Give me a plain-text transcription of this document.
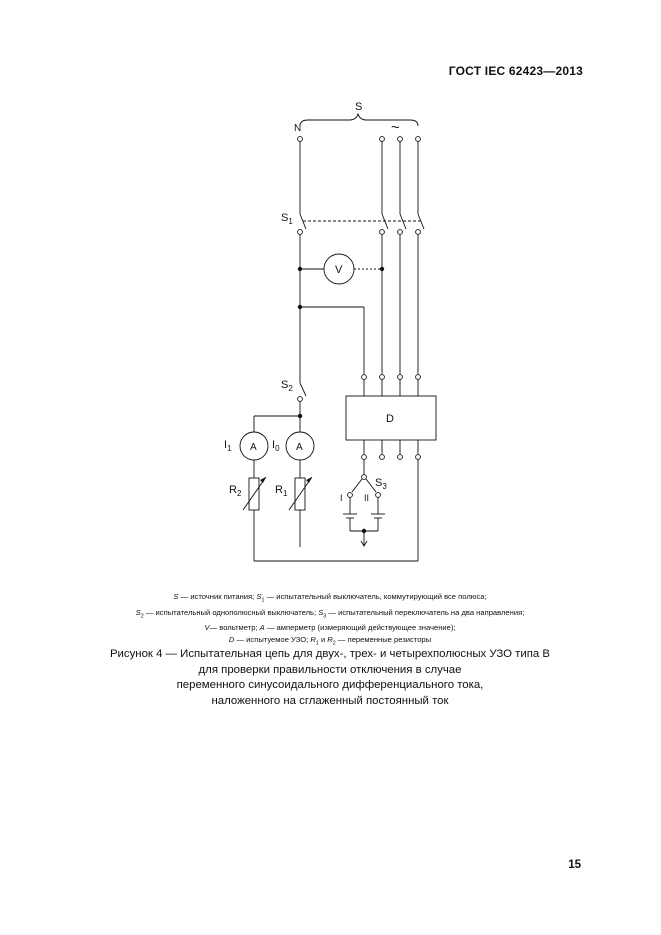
ГОСТ IEC 62423—2013
S
N	~
$S_1$
V
$S_2$
D
A	A
$I_1$	$I_0$
$R_2$	$R_1$
$S_3$
I II
S — источник питания; $S_1$ — испытательный выключатель, коммутирующий все полюса;
$S_2$ — испытательный однополюсный выключатель; $S_3$ — испытательный переключатель на два направления;
V— вольтметр; A — амперметр (измеряющий действующее значение);
D — испытуемое УЗО; $R_1$ и $R_2$ — переменные резисторы
Рисунок 4 — Испытательная цепь для двух-, трех- и четырехполюсных УЗО типа B
для проверки правильности отключения в случае
переменного синусоидального дифференциального тока,
наложенного на сглаженный постоянный ток
15
